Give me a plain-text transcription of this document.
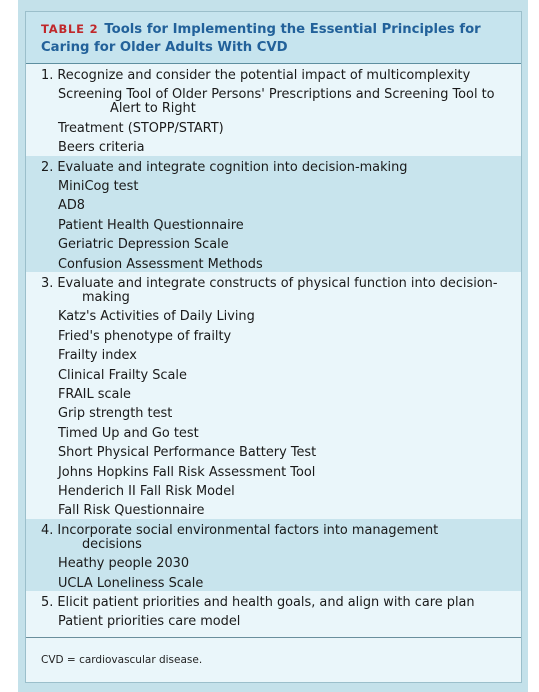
TABLE 2 Tools for Implementing the Essential Principles for
Caring for Older Adults With CVD
1. Recognize and consider the potential impact of multicomplexity
Screening Tool of Older Persons' Prescriptions and Screening Tool to
Alert to Right
Treatment (STOPP/START)
Beers criteria
2. Evaluate and integrate cognition into decision-making
MiniCog test
AD8
Patient Health Questionnaire
Geriatric Depression Scale
Confusion Assessment Methods
3. Evaluate and integrate constructs of physical function into decision-
making
Katz's Activities of Daily Living
Fried's phenotype of frailty
Frailty index
Clinical Frailty Scale
FRAIL scale
Grip strength test
Timed Up and Go test
Short Physical Performance Battery Test
Johns Hopkins Fall Risk Assessment Tool
Henderich II Fall Risk Model
Fall Risk Questionnaire
4. Incorporate social environmental factors into management
decisions
Heathy people 2030
UCLA Loneliness Scale
5. Elicit patient priorities and health goals, and align with care plan
Patient priorities care model
CVD = cardiovascular disease.
